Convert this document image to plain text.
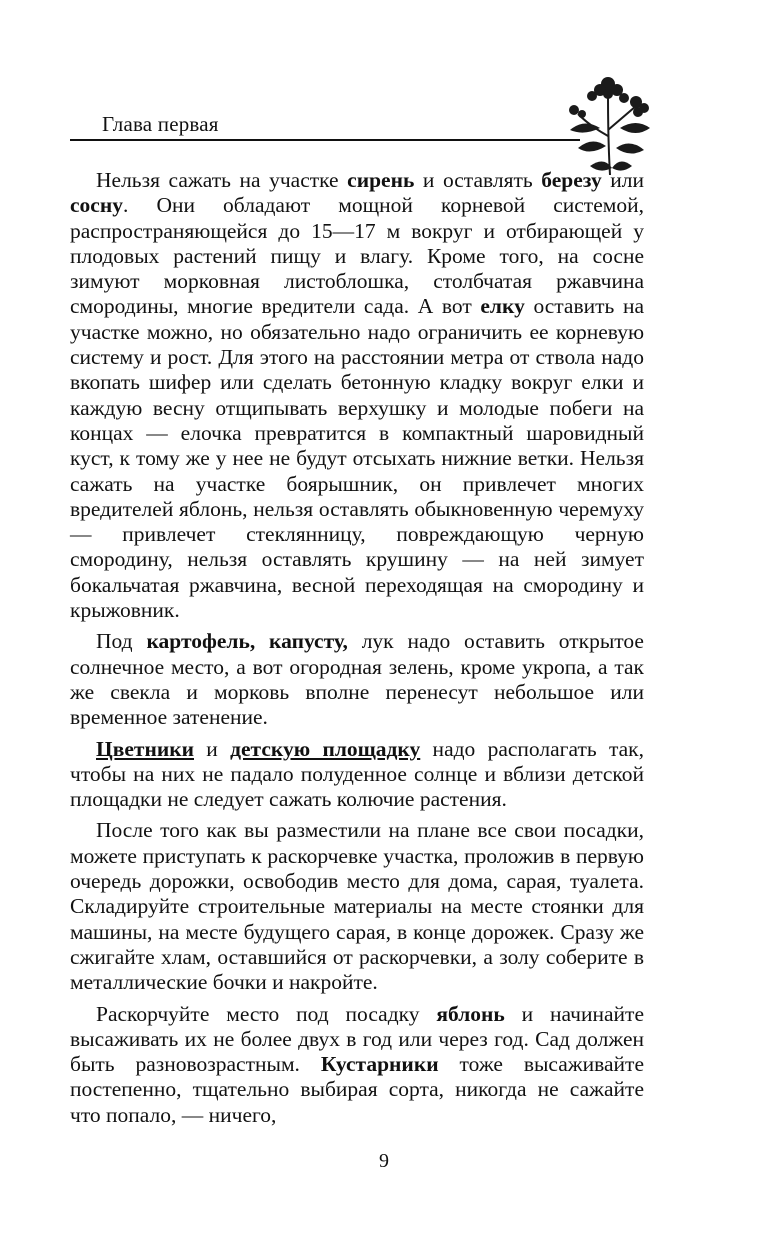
Глава первая

Нельзя сажать на участке сирень и оставлять березу или сосну. Они обладают мощной корневой системой, распространяющейся до 15—17 м вокруг и отбирающей у плодовых растений пищу и влагу. Кроме того, на сосне зимуют морковная листоблошка, столбчатая ржавчина смородины, многие вредители сада. А вот елку оставить на участке можно, но обязательно надо ограничить ее корневую систему и рост. Для этого на расстоянии метра от ствола надо вкопать шифер или сделать бетонную кладку вокруг елки и каждую весну отщипывать верхушку и молодые побеги на концах — елочка превратится в компактный шаровидный куст, к тому же у нее не будут отсыхать нижние ветки. Нельзя сажать на участке боярышник, он привлечет многих вредителей яблонь, нельзя оставлять обыкновенную черемуху — привлечет стеклянницу, повреждающую черную смородину, нельзя оставлять крушину — на ней зимует бокальчатая ржавчина, весной переходящая на смородину и крыжовник.

Под картофель, капусту, лук надо оставить открытое солнечное место, а вот огородная зелень, кроме укропа, а так же свекла и морковь вполне перенесут небольшое или временное затенение.

Цветники и детскую площадку надо располагать так, чтобы на них не падало полуденное солнце и вблизи детской площадки не следует сажать колючие растения.

После того как вы разместили на плане все свои посадки, можете приступать к раскорчевке участка, проложив в первую очередь дорожки, освободив место для дома, сарая, туалета. Складируйте строительные материалы на месте стоянки для машины, на месте будущего сарая, в конце дорожек. Сразу же сжигайте хлам, оставшийся от раскорчевки, а золу соберите в металлические бочки и накройте.

Раскорчуйте место под посадку яблонь и начинайте высаживать их не более двух в год или через год. Сад должен быть разновозрастным. Кустарники тоже высаживайте постепенно, тщательно выбирая сорта, никогда не сажайте что попало, — ничего,

9
